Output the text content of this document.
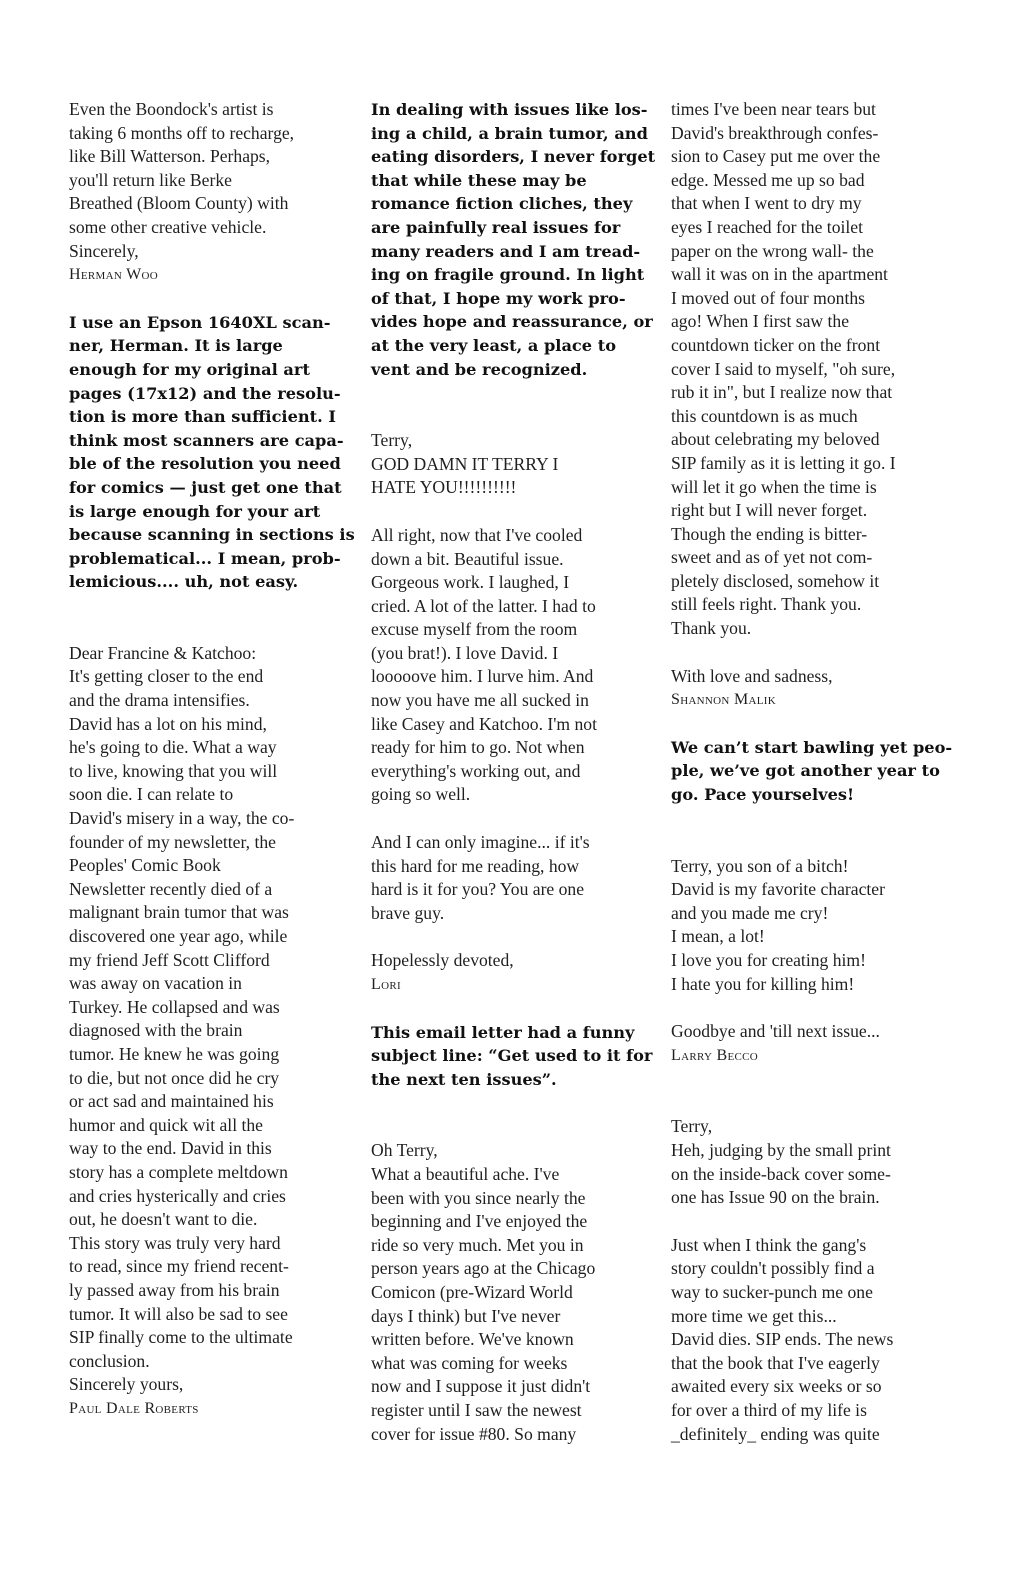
Even the Boondock's artist is
taking 6 months off to recharge,
like Bill Watterson. Perhaps,
you'll return like Berke
Breathed (Bloom County) with
some other creative vehicle.
Sincerely,
Herman Woo
I use an Epson 1640XL scan-
ner, Herman. It is large
enough for my original art
pages (17x12) and the resolu-
tion is more than sufficient. I
think most scanners are capa-
ble of the resolution you need
for comics — just get one that
is large enough for your art
because scanning in sections is
problematical... I mean, prob-
lemicious.... uh, not easy.
Dear Francine & Katchoo:
It's getting closer to the end
and the drama intensifies.
David has a lot on his mind,
he's going to die. What a way
to live, knowing that you will
soon die. I can relate to
David's misery in a way, the co-
founder of my newsletter, the
Peoples' Comic Book
Newsletter recently died of a
malignant brain tumor that was
discovered one year ago, while
my friend Jeff Scott Clifford
was away on vacation in
Turkey. He collapsed and was
diagnosed with the brain
tumor. He knew he was going
to die, but not once did he cry
or act sad and maintained his
humor and quick wit all the
way to the end. David in this
story has a complete meltdown
and cries hysterically and cries
out, he doesn't want to die.
This story was truly very hard
to read, since my friend recent-
ly passed away from his brain
tumor. It will also be sad to see
SIP finally come to the ultimate
conclusion.
Sincerely yours,
Paul Dale Roberts
In dealing with issues like los-
ing a child, a brain tumor, and
eating disorders, I never forget
that while these may be
romance fiction cliches, they
are painfully real issues for
many readers and I am tread-
ing on fragile ground. In light
of that, I hope my work pro-
vides hope and reassurance, or
at the very least, a place to
vent and be recognized.
Terry,
GOD DAMN IT TERRY I
HATE YOU!!!!!!!!!!
All right, now that I've cooled
down a bit. Beautiful issue.
Gorgeous work. I laughed, I
cried. A lot of the latter. I had to
excuse myself from the room
(you brat!). I love David. I
looooove him. I lurve him. And
now you have me all sucked in
like Casey and Katchoo. I'm not
ready for him to go. Not when
everything's working out, and
going so well.
And I can only imagine... if it's
this hard for me reading, how
hard is it for you? You are one
brave guy.
Hopelessly devoted,
Lori
This email letter had a funny
subject line: “Get used to it for
the next ten issues”.
Oh Terry,
What a beautiful ache. I've
been with you since nearly the
beginning and I've enjoyed the
ride so very much. Met you in
person years ago at the Chicago
Comicon (pre-Wizard World
days I think) but I've never
written before. We've known
what was coming for weeks
now and I suppose it just didn't
register until I saw the newest
cover for issue #80. So many
times I've been near tears but
David's breakthrough confes-
sion to Casey put me over the
edge. Messed me up so bad
that when I went to dry my
eyes I reached for the toilet
paper on the wrong wall- the
wall it was on in the apartment
I moved out of four months
ago! When I first saw the
countdown ticker on the front
cover I said to myself, "oh sure,
rub it in", but I realize now that
this countdown is as much
about celebrating my beloved
SIP family as it is letting it go. I
will let it go when the time is
right but I will never forget.
Though the ending is bitter-
sweet and as of yet not com-
pletely disclosed, somehow it
still feels right. Thank you.
Thank you.
With love and sadness,
Shannon Malik
We can’t start bawling yet peo-
ple, we’ve got another year to
go. Pace yourselves!
Terry, you son of a bitch!
David is my favorite character
and you made me cry!
I mean, a lot!
I love you for creating him!
I hate you for killing him!
Goodbye and 'till next issue...
Larry Becco
Terry,
Heh, judging by the small print
on the inside-back cover some-
one has Issue 90 on the brain.
Just when I think the gang's
story couldn't possibly find a
way to sucker-punch me one
more time we get this...
David dies. SIP ends. The news
that the book that I've eagerly
awaited every six weeks or so
for over a third of my life is
_definitely_ ending was quite
